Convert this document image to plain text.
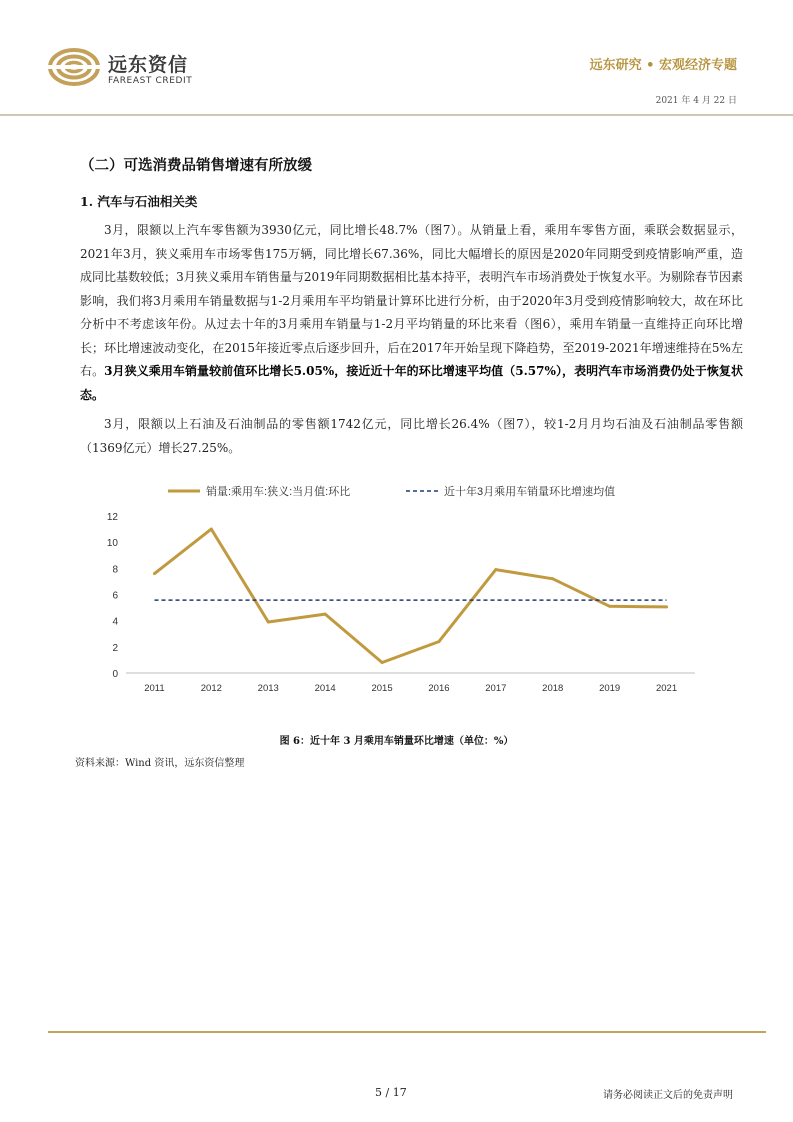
远东资信
FAREAST CREDIT
远东研究 • 宏观经济专题
2021 年 4 月 22 日
（二）可选消费品销售增速有所放缓
1. 汽车与石油相关类

3月，限额以上汽车零售额为3930亿元，同比增长48.7%（图7）。从销量上看，乘用车零售方面，乘联会数据显示，2021年3月，狭义乘用车市场零售175万辆，同比增长67.36%，同比大幅增长的原因是2020年同期受到疫情影响严重，造成同比基数较低；3月狭义乘用车销售量与2019年同期数据相比基本持平，表明汽车市场消费处于恢复水平。为剔除春节因素影响，我们将3月乘用车销量数据与1-2月乘用车平均销量计算环比进行分析，由于2020年3月受到疫情影响较大，故在环比分析中不考虑该年份。从过去十年的3月乘用车销量与1-2月平均销量的环比来看（图6），乘用车销量一直维持正向环比增长；环比增速波动变化，在2015年接近零点后逐步回升，后在2017年开始呈现下降趋势，至2019-2021年增速维持在5%左右。3月狭义乘用车销量较前值环比增长5.05%，接近近十年的环比增速平均值（5.57%），表明汽车市场消费仍处于恢复状态。

3月，限额以上石油及石油制品的零售额1742亿元，同比增长26.4%（图7），较1-2月月均石油及石油制品零售额（1369亿元）增长27.25%。

销量:乘用车:狭义:当月值:环比	近十年3月乘用车销量环比增速均值
0
2
4
6
8
10
12
2011	2012	2013	2014	2015	2016	2017	2018	2019	2021
图 6：近十年 3 月乘用车销量环比增速（单位：%）
资料来源：Wind 资讯，远东资信整理
5 / 17	请务必阅读正文后的免责声明
